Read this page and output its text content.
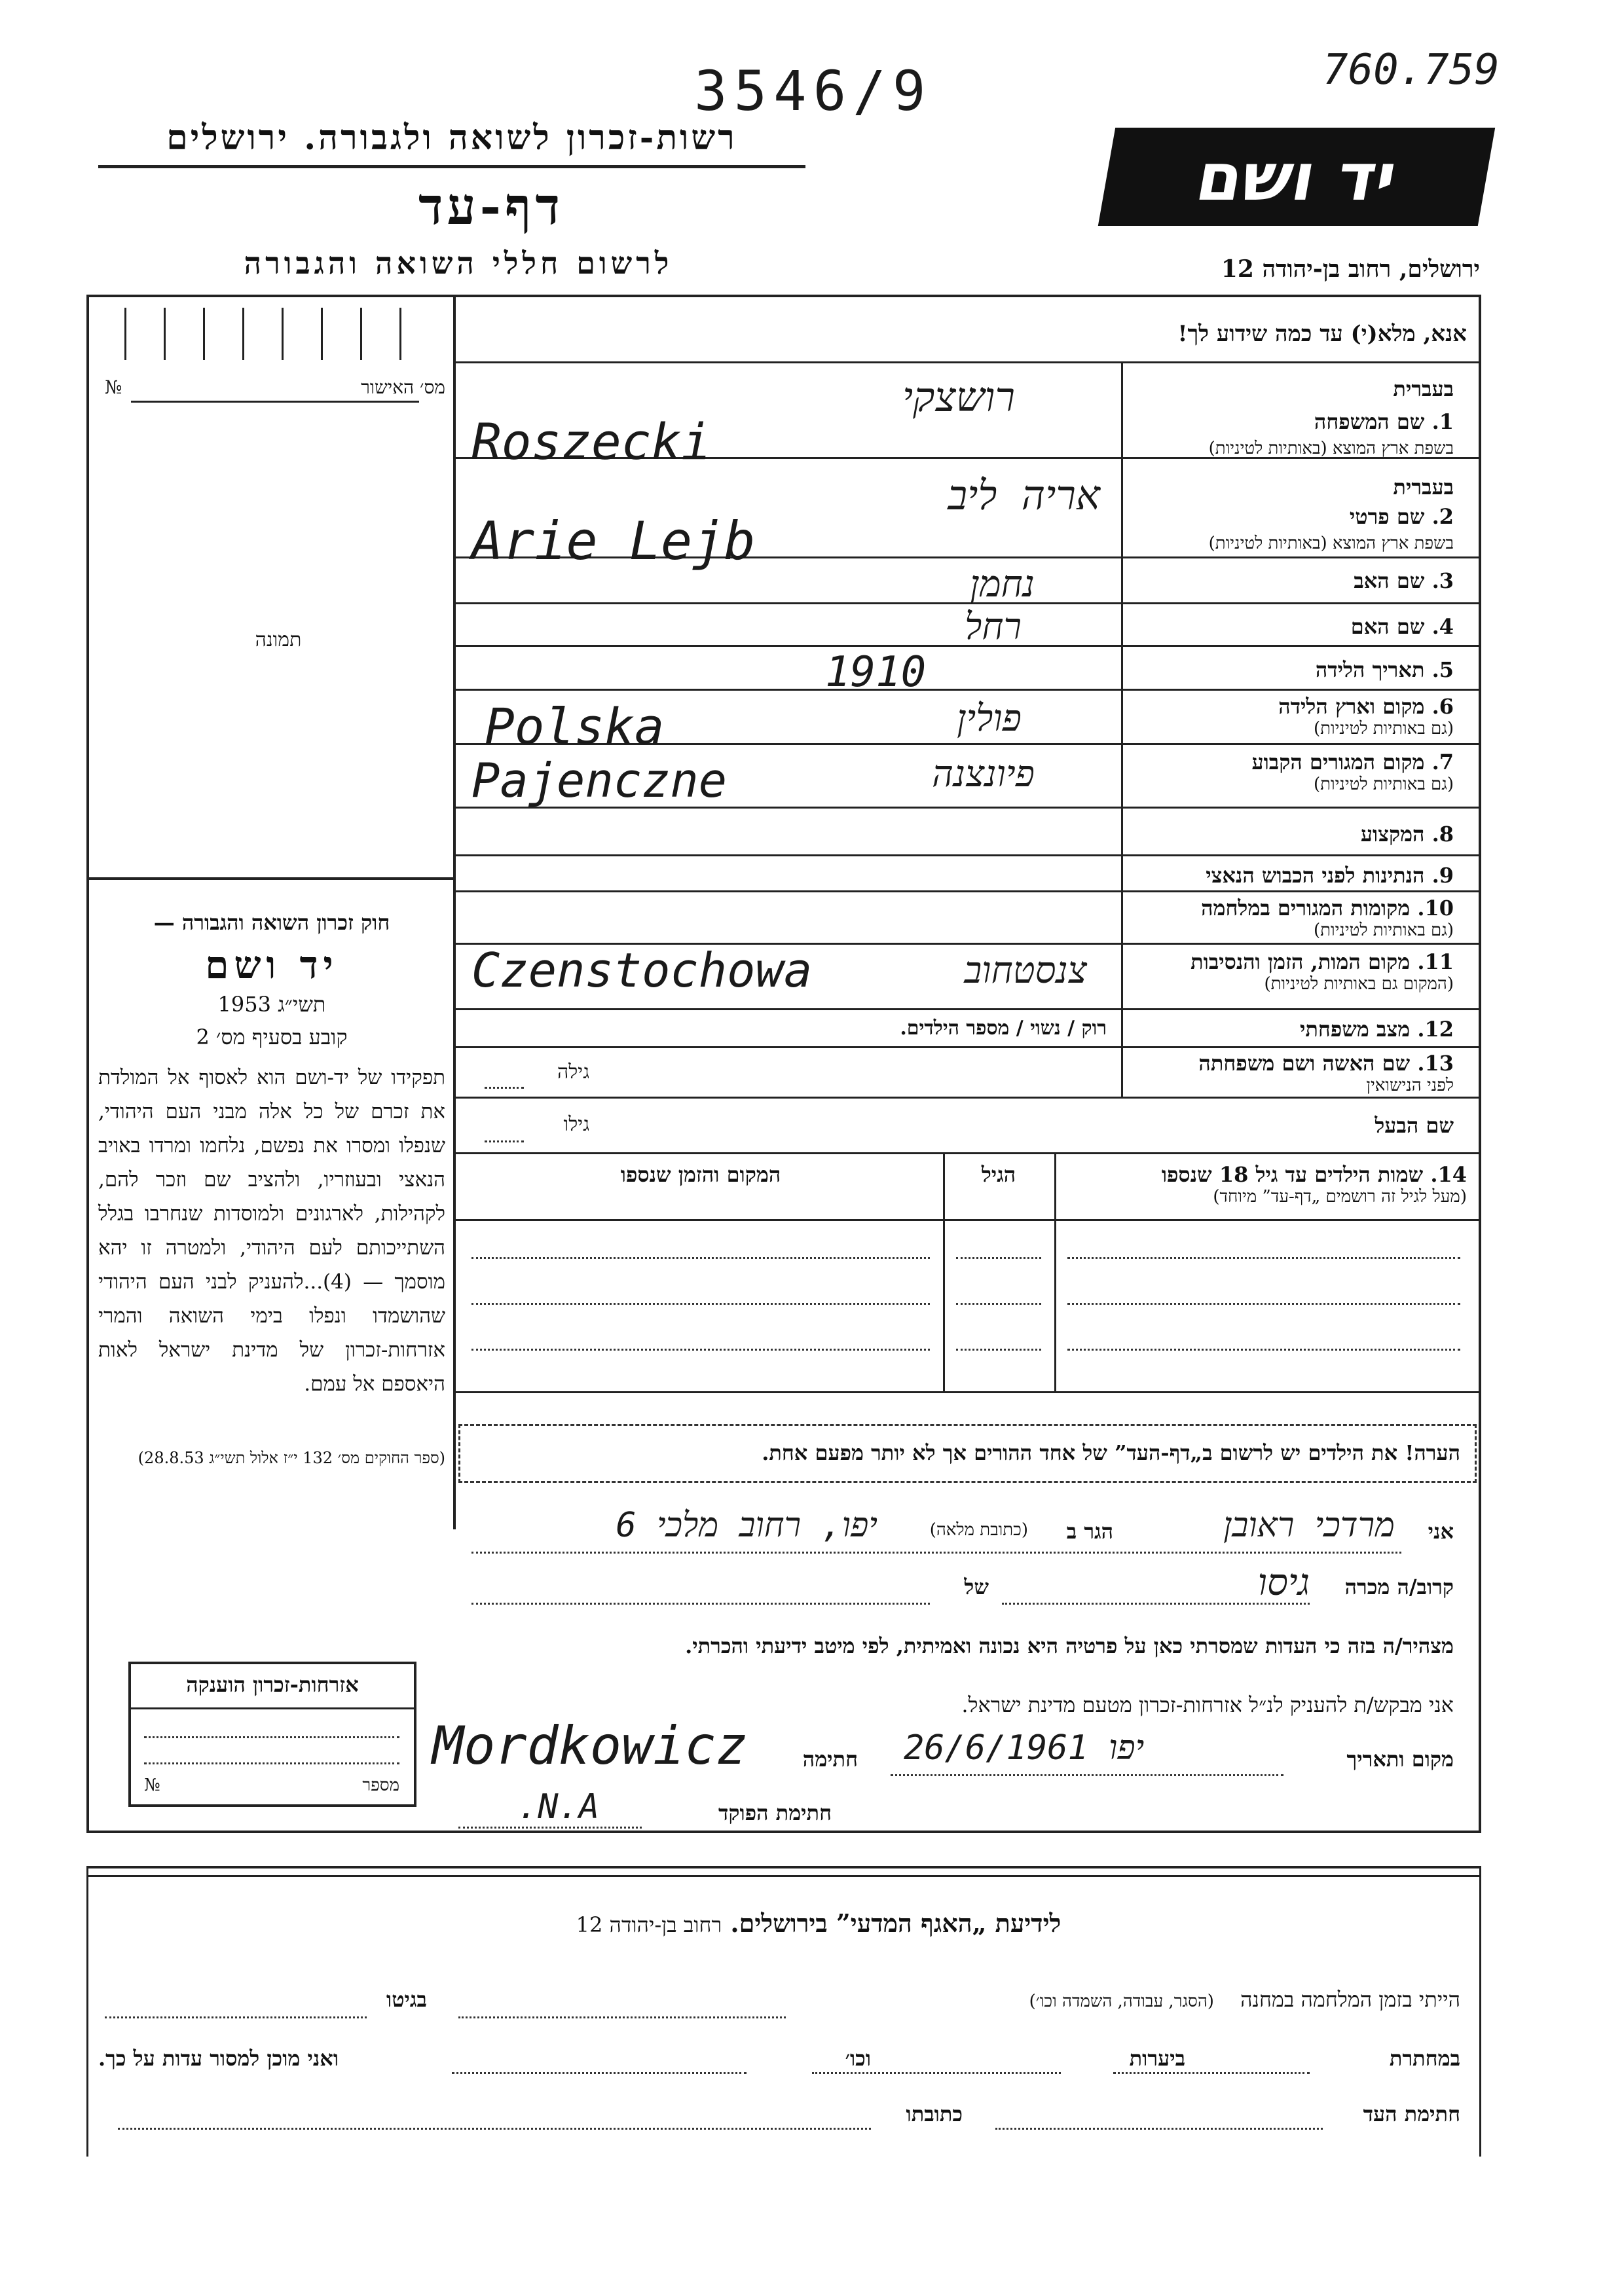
3546/9	760.759
רשות-זכרון לשואה ולגבורה. ירושלים
דף-עד
לרשום חללי השואה והגבורה
יד ושם
ירושלים, רחוב בן-יהודה 12
מס׳ האישור
№
תמונה
חוק זכרון השואה והגבורה —
יד ושם
תשי״ג 1953
קובע בסעיף מס׳ 2
תפקידו של יד-ושם הוא לאסוף אל המולדת את זכרם של כל אלה מבני העם היהודי, שנפלו ומסרו את נפשם, נלחמו ומרדו באויב הנאצי ובעוזריו, ולהציב שם וזכר להם, לקהילות, לארגונים ולמוסדות שנחרבו בגלל השתייכותם לעם היהודי, ולמטרה זו יהא מוסמך — (4)...להעניק לבני העם היהודי שהושמדו ונפלו בימי השואה והמרי אזרחות-זכרון של מדינת ישראל לאות היאספם אל עמם.
(ספר החוקים מס׳ 132 י״ז אלול תשי״ג 28.8.53)
אזרחות-זכרון הוענקה
מספר
№
אנא, מלא(י) עד כמה שידוע לך!
בעברית
1. שם המשפחה
בשפת ארץ המוצא (באותיות לטיניות)
רושצקי
Roszecki
בעברית
2. שם פרטי
בשפת ארץ המוצא (באותיות לטיניות)
אריה ליב
Arie Lejb
3. שם האב
נחמן
4. שם האם
רחל
5. תאריך הלידה
1910
6. מקום וארץ הלידה
(גם באותיות לטיניות)
פולין
Polska
7. מקום המגורים הקבוע
(גם באותיות לטיניות)
פיונצנה
Pajenczne
8. המקצוע
9. הנתינות לפני הכבוש הנאצי
10. מקומות המגורים במלחמה
(גם באותיות לטיניות)
11. מקום המות, הזמן והנסיבות
(המקום גם באותיות לטיניות)
צנסטחוב
Czenstochowa
12. מצב משפחתי
רוק / נשוי / מספר הילדים.
13. שם האשה ושם משפחתה
לפני הנישואין
גילה
שם הבעל
גילו
14. שמות הילדים עד גיל 18 שנספו
(מעל לגיל זה רושמים „דף-עד” מיוחד)
הגיל
המקום והזמן שנספו
הערה! את הילדים יש לרשום ב„דף-העד” של אחד ההורים אך לא יותר מפעם אחת.
אני
מרדכי ראובן
הגר ב
(כתובת מלאה)
יפו, רחוב מלכי 6
קרוב/ה מכרה
גיסו
של
מצהיר/ה בזה כי העדות שמסרתי כאן על פרטיה היא נכונה ואמיתית, לפי מיטב ידיעתי והכרתי.
אני מבקש/ת להעניק לנ״ל אזרחות-זכרון מטעם מדינת ישראל.
מקום ותאריך
יפו 26/6/1961
חתימה
Mordkowicz
חתימת הפוקד
.N.A
לידיעת „האגף המדעי” בירושלים. רחוב בן-יהודה 12
הייתי בזמן המלחמה במחנה (הסגר, עבודה, השמדה וכו׳)
בגיטו
במחתרת
ביערות
וכו׳
ואני מוכן למסור עדות על כך.
חתימת העד
כתובתו
